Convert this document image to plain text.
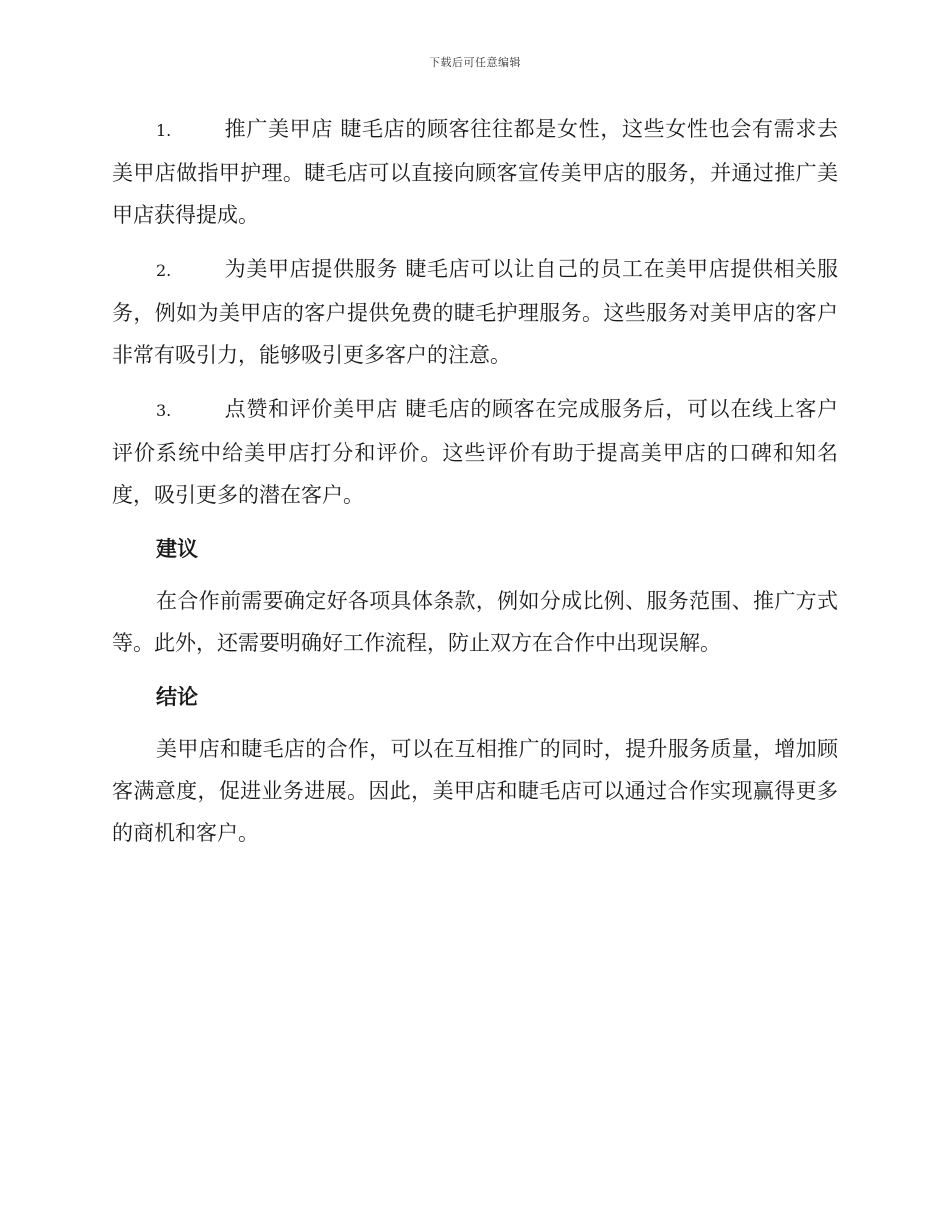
下载后可任意编辑

1.	推广美甲店 睫毛店的顾客往往都是女性，这些女性也会有需求去美甲店做指甲护理。睫毛店可以直接向顾客宣传美甲店的服务，并通过推广美甲店获得提成。

2.	为美甲店提供服务 睫毛店可以让自己的员工在美甲店提供相关服务，例如为美甲店的客户提供免费的睫毛护理服务。这些服务对美甲店的客户非常有吸引力，能够吸引更多客户的注意。

3.	点赞和评价美甲店 睫毛店的顾客在完成服务后，可以在线上客户评价系统中给美甲店打分和评价。这些评价有助于提高美甲店的口碑和知名度，吸引更多的潜在客户。

建议

在合作前需要确定好各项具体条款，例如分成比例、服务范围、推广方式等。此外，还需要明确好工作流程，防止双方在合作中出现误解。

结论

美甲店和睫毛店的合作，可以在互相推广的同时，提升服务质量，增加顾客满意度，促进业务进展。因此，美甲店和睫毛店可以通过合作实现赢得更多的商机和客户。
